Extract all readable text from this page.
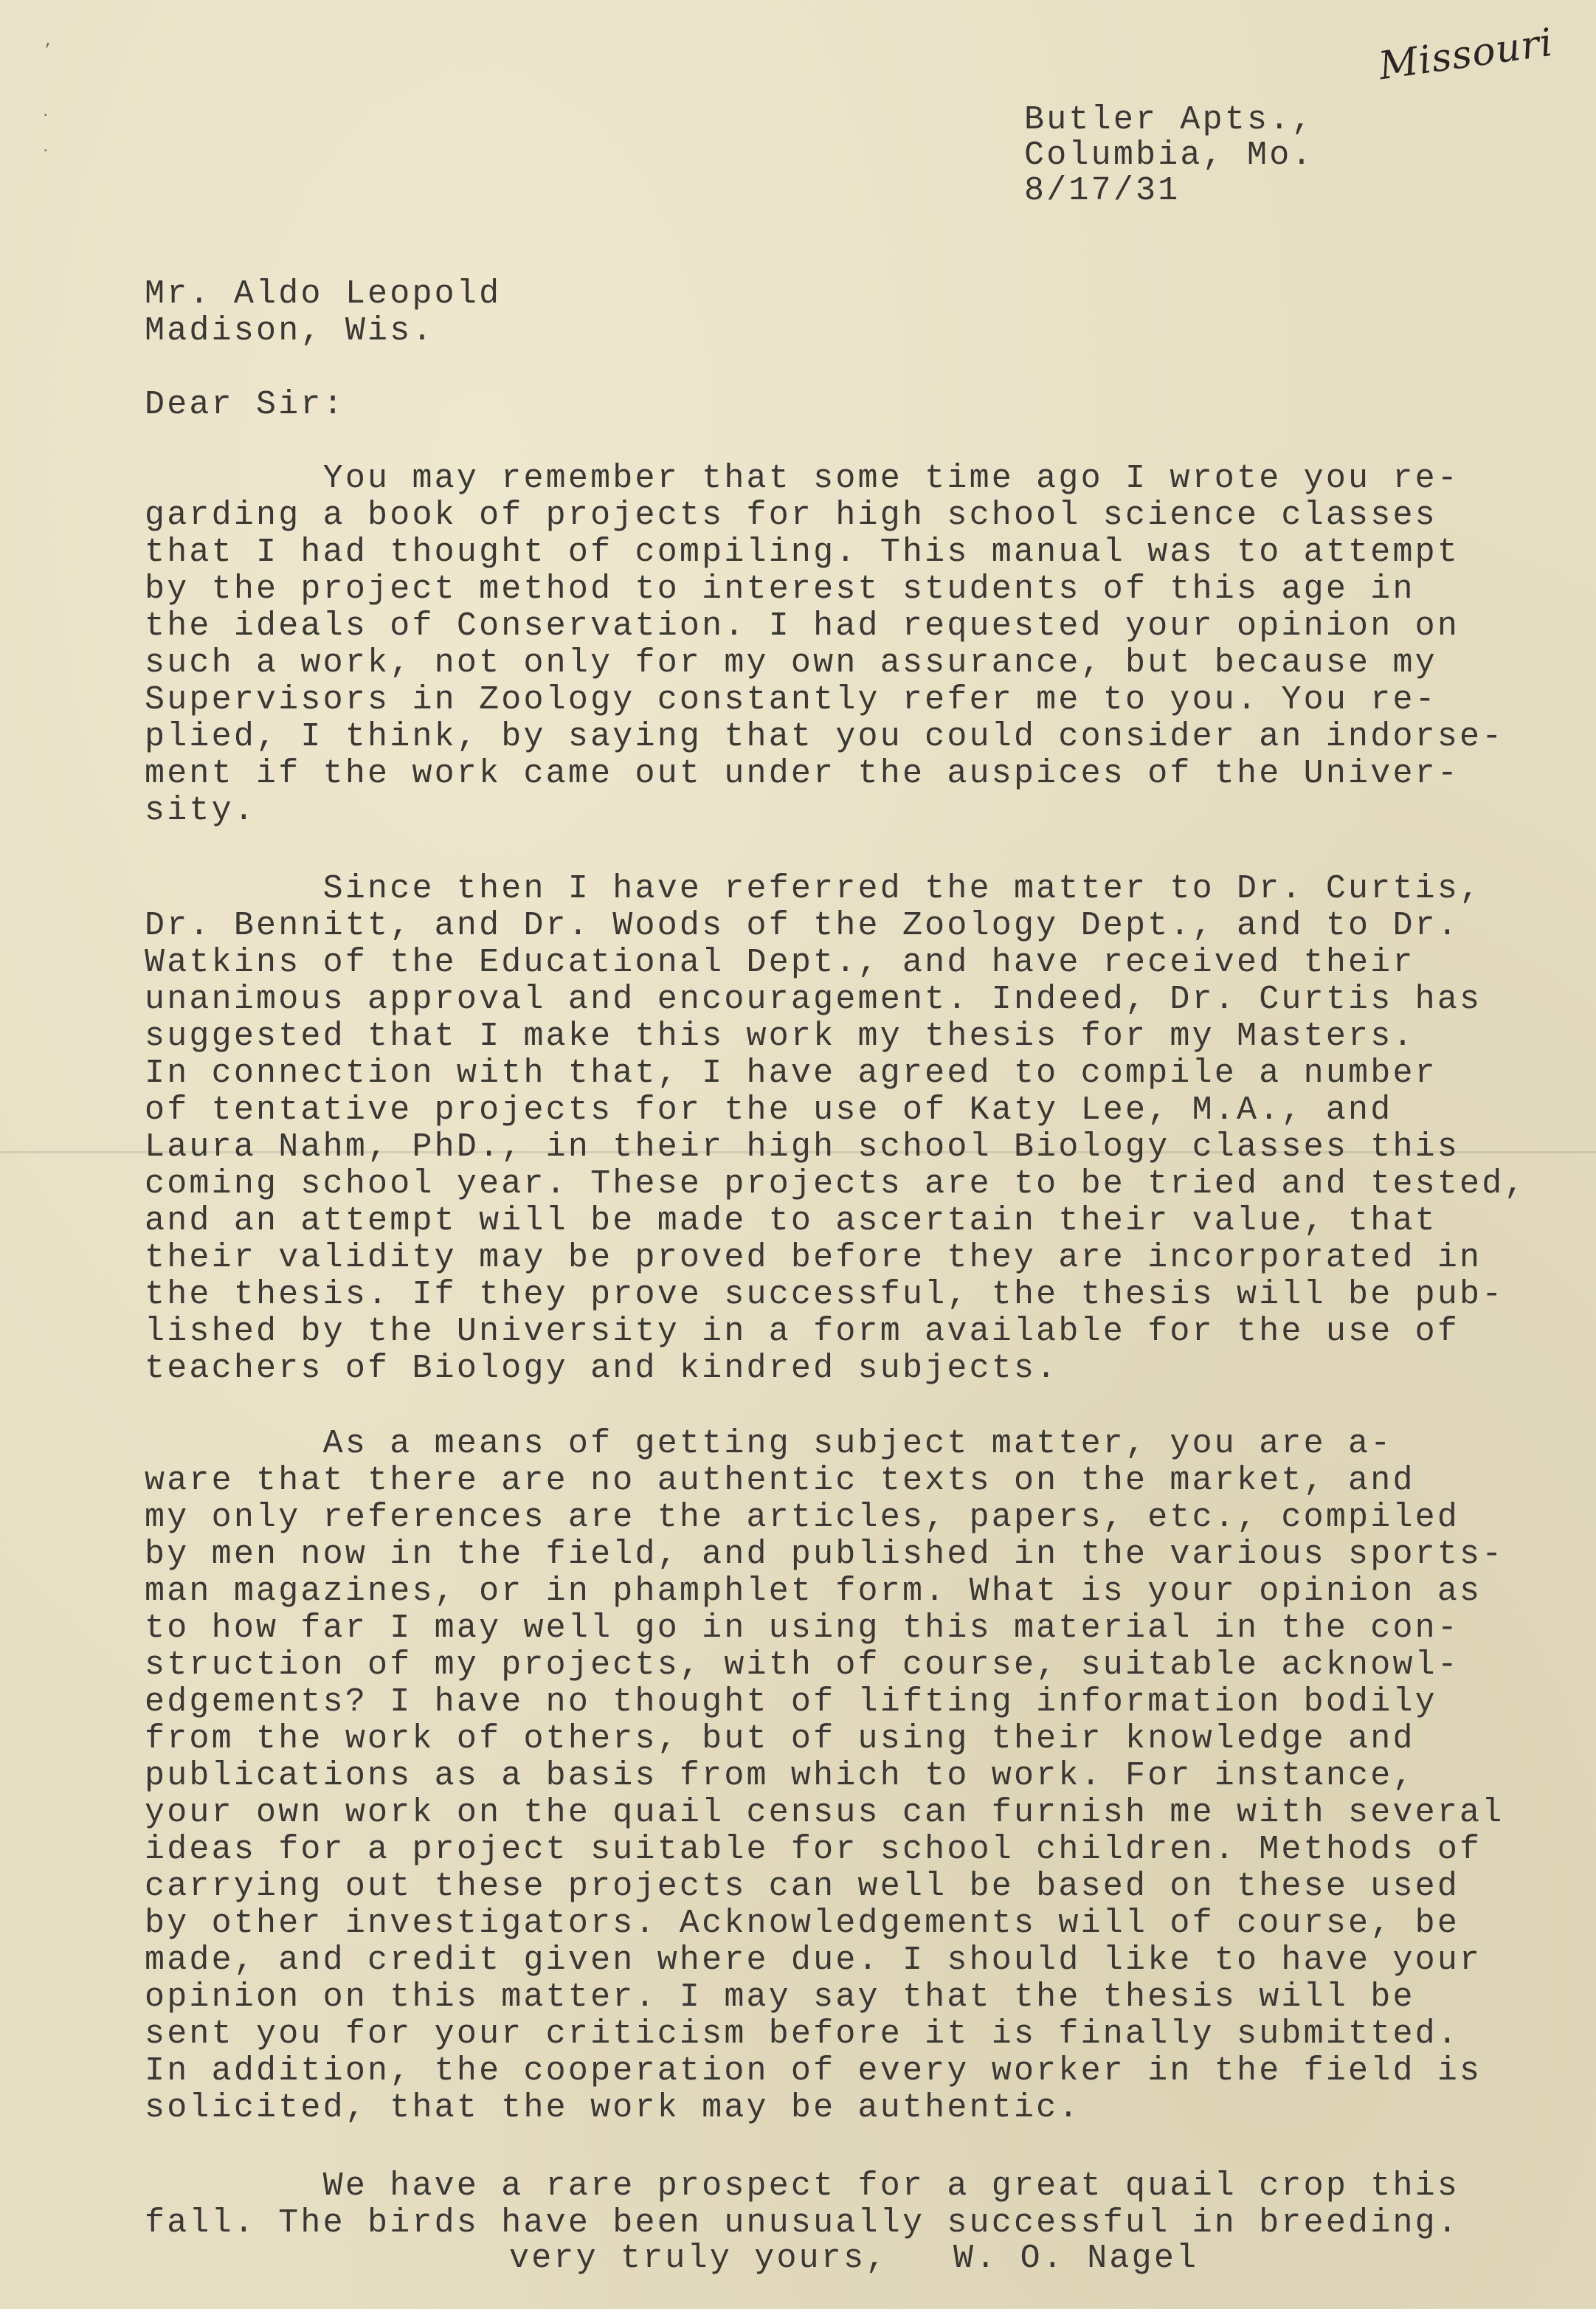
’
․
․
Missouri
Butler Apts.,
Columbia, Mo.
8/17/31
Mr. Aldo Leopold
Madison, Wis.
Dear Sir:
You may remember that some time ago I wrote you re-
garding a book of projects for high school science classes
that I had thought of compiling. This manual was to attempt
by the project method to interest students of this age in
the ideals of Conservation. I had requested your opinion on
such a work, not only for my own assurance, but because my
Supervisors in Zoology constantly refer me to you. You re-
plied, I think, by saying that you could consider an indorse-
ment if the work came out under the auspices of the Univer-
sity.
Since then I have referred the matter to Dr. Curtis,
Dr. Bennitt, and Dr. Woods of the Zoology Dept., and to Dr.
Watkins of the Educational Dept., and have received their
unanimous approval and encouragement. Indeed, Dr. Curtis has
suggested that I make this work my thesis for my Masters.
In connection with that, I have agreed to compile a number
of tentative projects for the use of Katy Lee, M.A., and
Laura Nahm, PhD., in their high school Biology classes this
coming school year. These projects are to be tried and tested,
and an attempt will be made to ascertain their value, that
their validity may be proved before they are incorporated in
the thesis. If they prove successful, the thesis will be pub-
lished by the University in a form available for the use of
teachers of Biology and kindred subjects.
As a means of getting subject matter, you are a-
ware that there are no authentic texts on the market, and
my only references are the articles, papers, etc., compiled
by men now in the field, and published in the various sports-
man magazines, or in phamphlet form. What is your opinion as
to how far I may well go in using this material in the con-
struction of my projects, with of course, suitable acknowl-
edgements? I have no thought of lifting information bodily
from the work of others, but of using their knowledge and
publications as a basis from which to work. For instance,
your own work on the quail census can furnish me with several
ideas for a project suitable for school children. Methods of
carrying out these projects can well be based on these used
by other investigators. Acknowledgements will of course, be
made, and credit given where due. I should like to have your
opinion on this matter. I may say that the thesis will be
sent you for your criticism before it is finally submitted.
In addition, the cooperation of every worker in the field is
solicited, that the work may be authentic.
We have a rare prospect for a great quail crop this
fall. The birds have been unusually successful in breeding.
very truly yours, W. O. Nagel
